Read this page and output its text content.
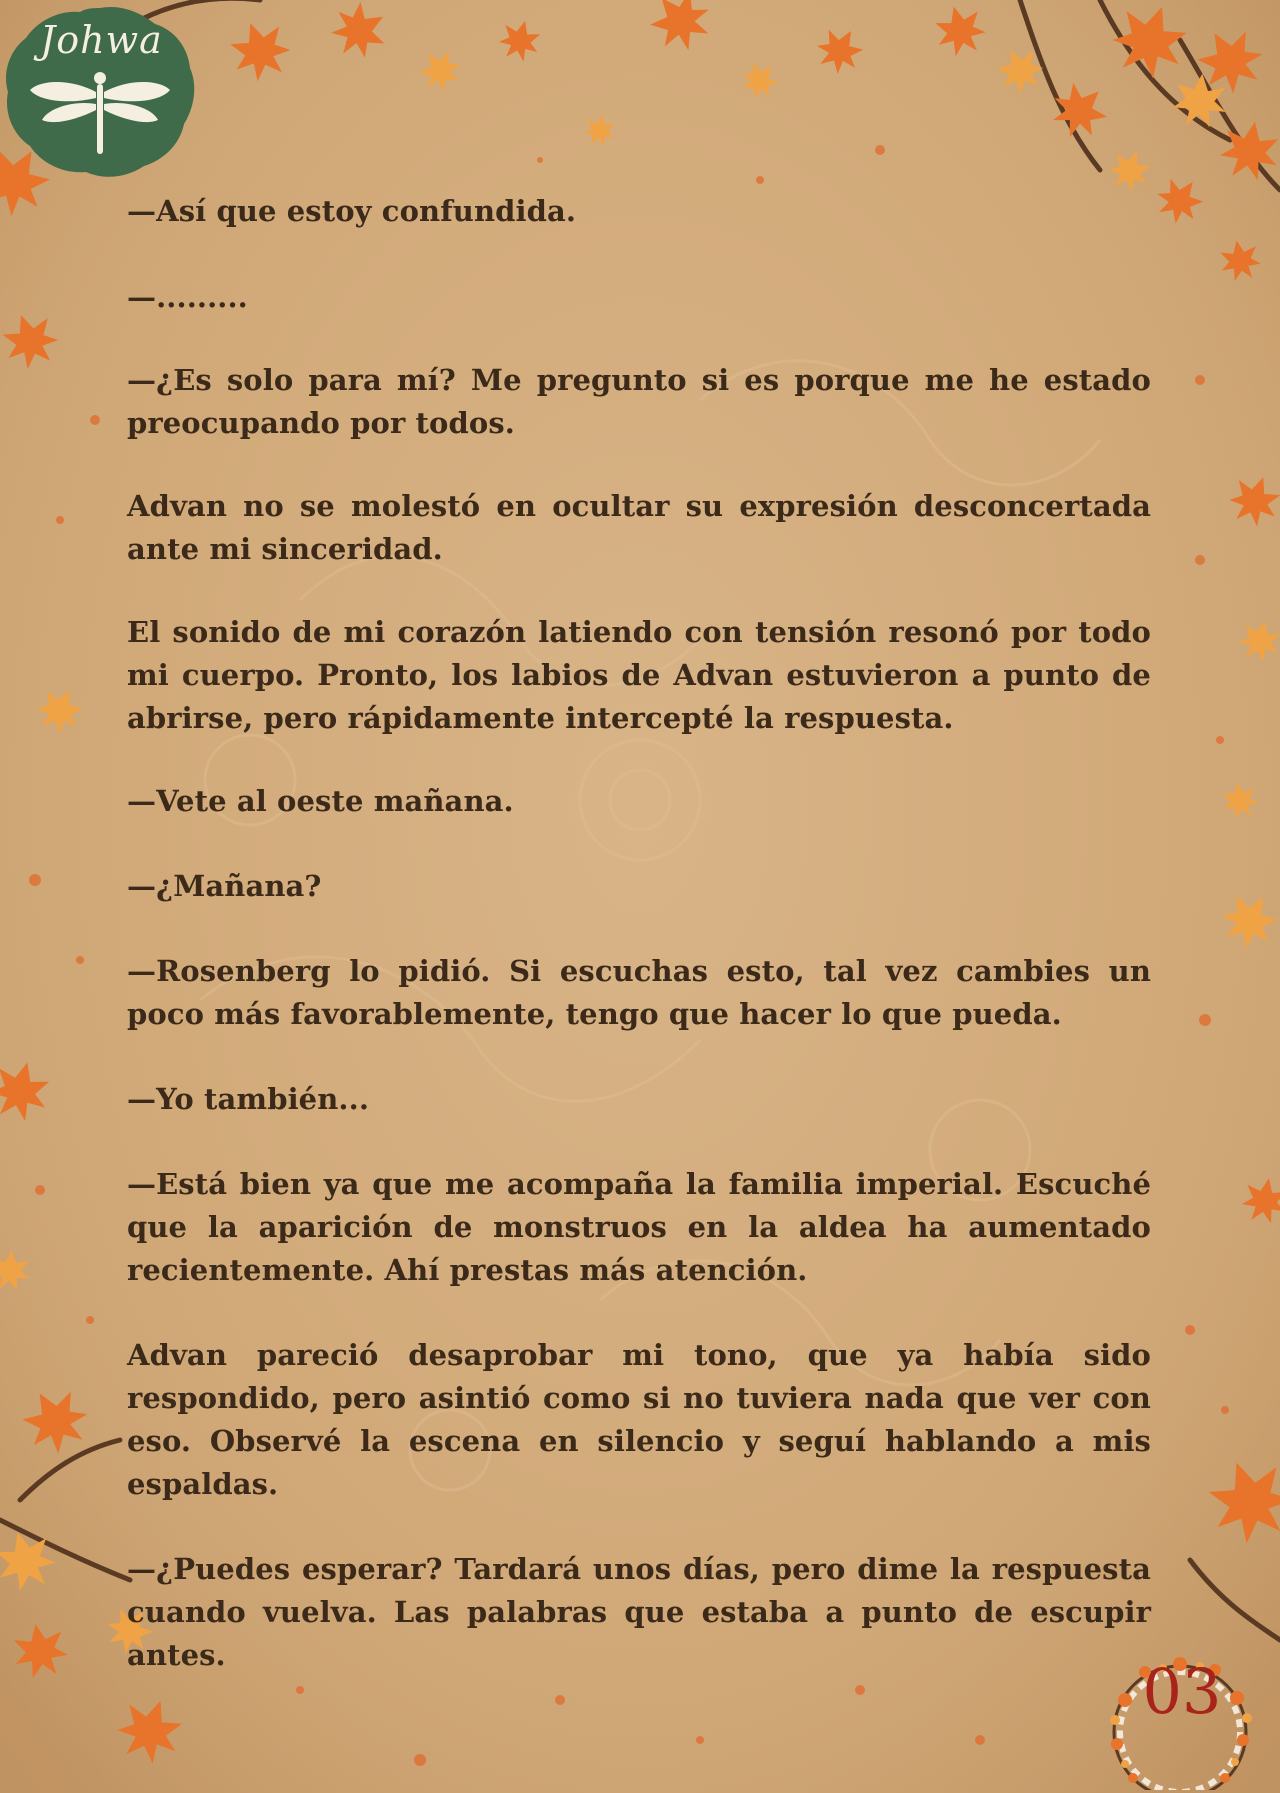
Johwa

—Así que estoy confundida.

—.........

—¿Es solo para mí? Me pregunto si es porque me he estado preocupando por todos.

Advan no se molestó en ocultar su expresión desconcertada ante mi sinceridad.

El sonido de mi corazón latiendo con tensión resonó por todo mi cuerpo. Pronto, los labios de Advan estuvieron a punto de abrirse, pero rápidamente intercepté la respuesta.

—Vete al oeste mañana.

—¿Mañana?

—Rosenberg lo pidió. Si escuchas esto, tal vez cambies un poco más favorablemente, tengo que hacer lo que pueda.

—Yo también...

—Está bien ya que me acompaña la familia imperial. Escuché que la aparición de monstruos en la aldea ha aumentado recientemente. Ahí prestas más atención.

Advan pareció desaprobar mi tono, que ya había sido respondido, pero asintió como si no tuviera nada que ver con eso. Observé la escena en silencio y seguí hablando a mis espaldas.

—¿Puedes esperar? Tardará unos días, pero dime la respuesta cuando vuelva. Las palabras que estaba a punto de escupir antes.	03
